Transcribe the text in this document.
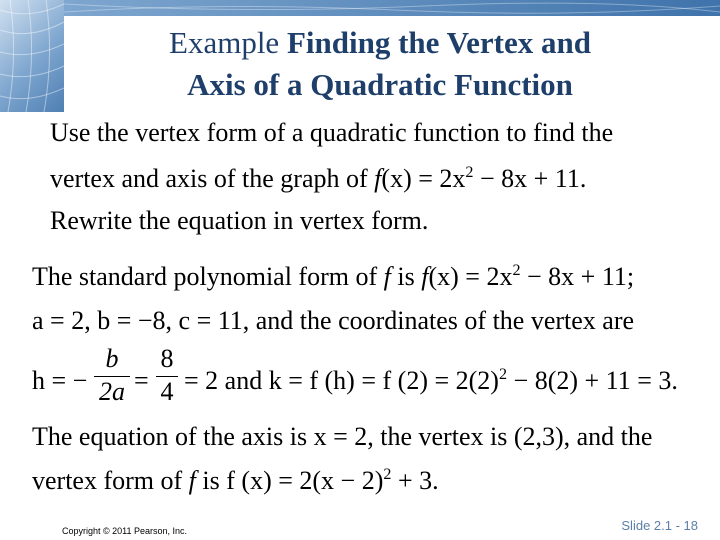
Example Finding the Vertex and
Axis of a Quadratic Function
Use the vertex form of a quadratic function to find the
vertex and axis of the graph of $f(x) = 2x^2 - 8x + 11$.
Rewrite the equation in vertex form.
The standard polynomial form of f is $f(x) = 2x^2 - 8x + 11$;
a = 2, b = −8, c = 11, and the coordinates of the vertex are
h = −
b
2a =
8
4 = 2 and k = f (h) = f $(2) = 2(2)^2 - 8(2) + 11 = 3$.
The equation of the axis is x = 2, the vertex is (2,3), and the
vertex form of f is f $(x) = 2(x - 2)^2 + 3$.
Copyright © 2011 Pearson, Inc.	Slide 2.1 - 18
